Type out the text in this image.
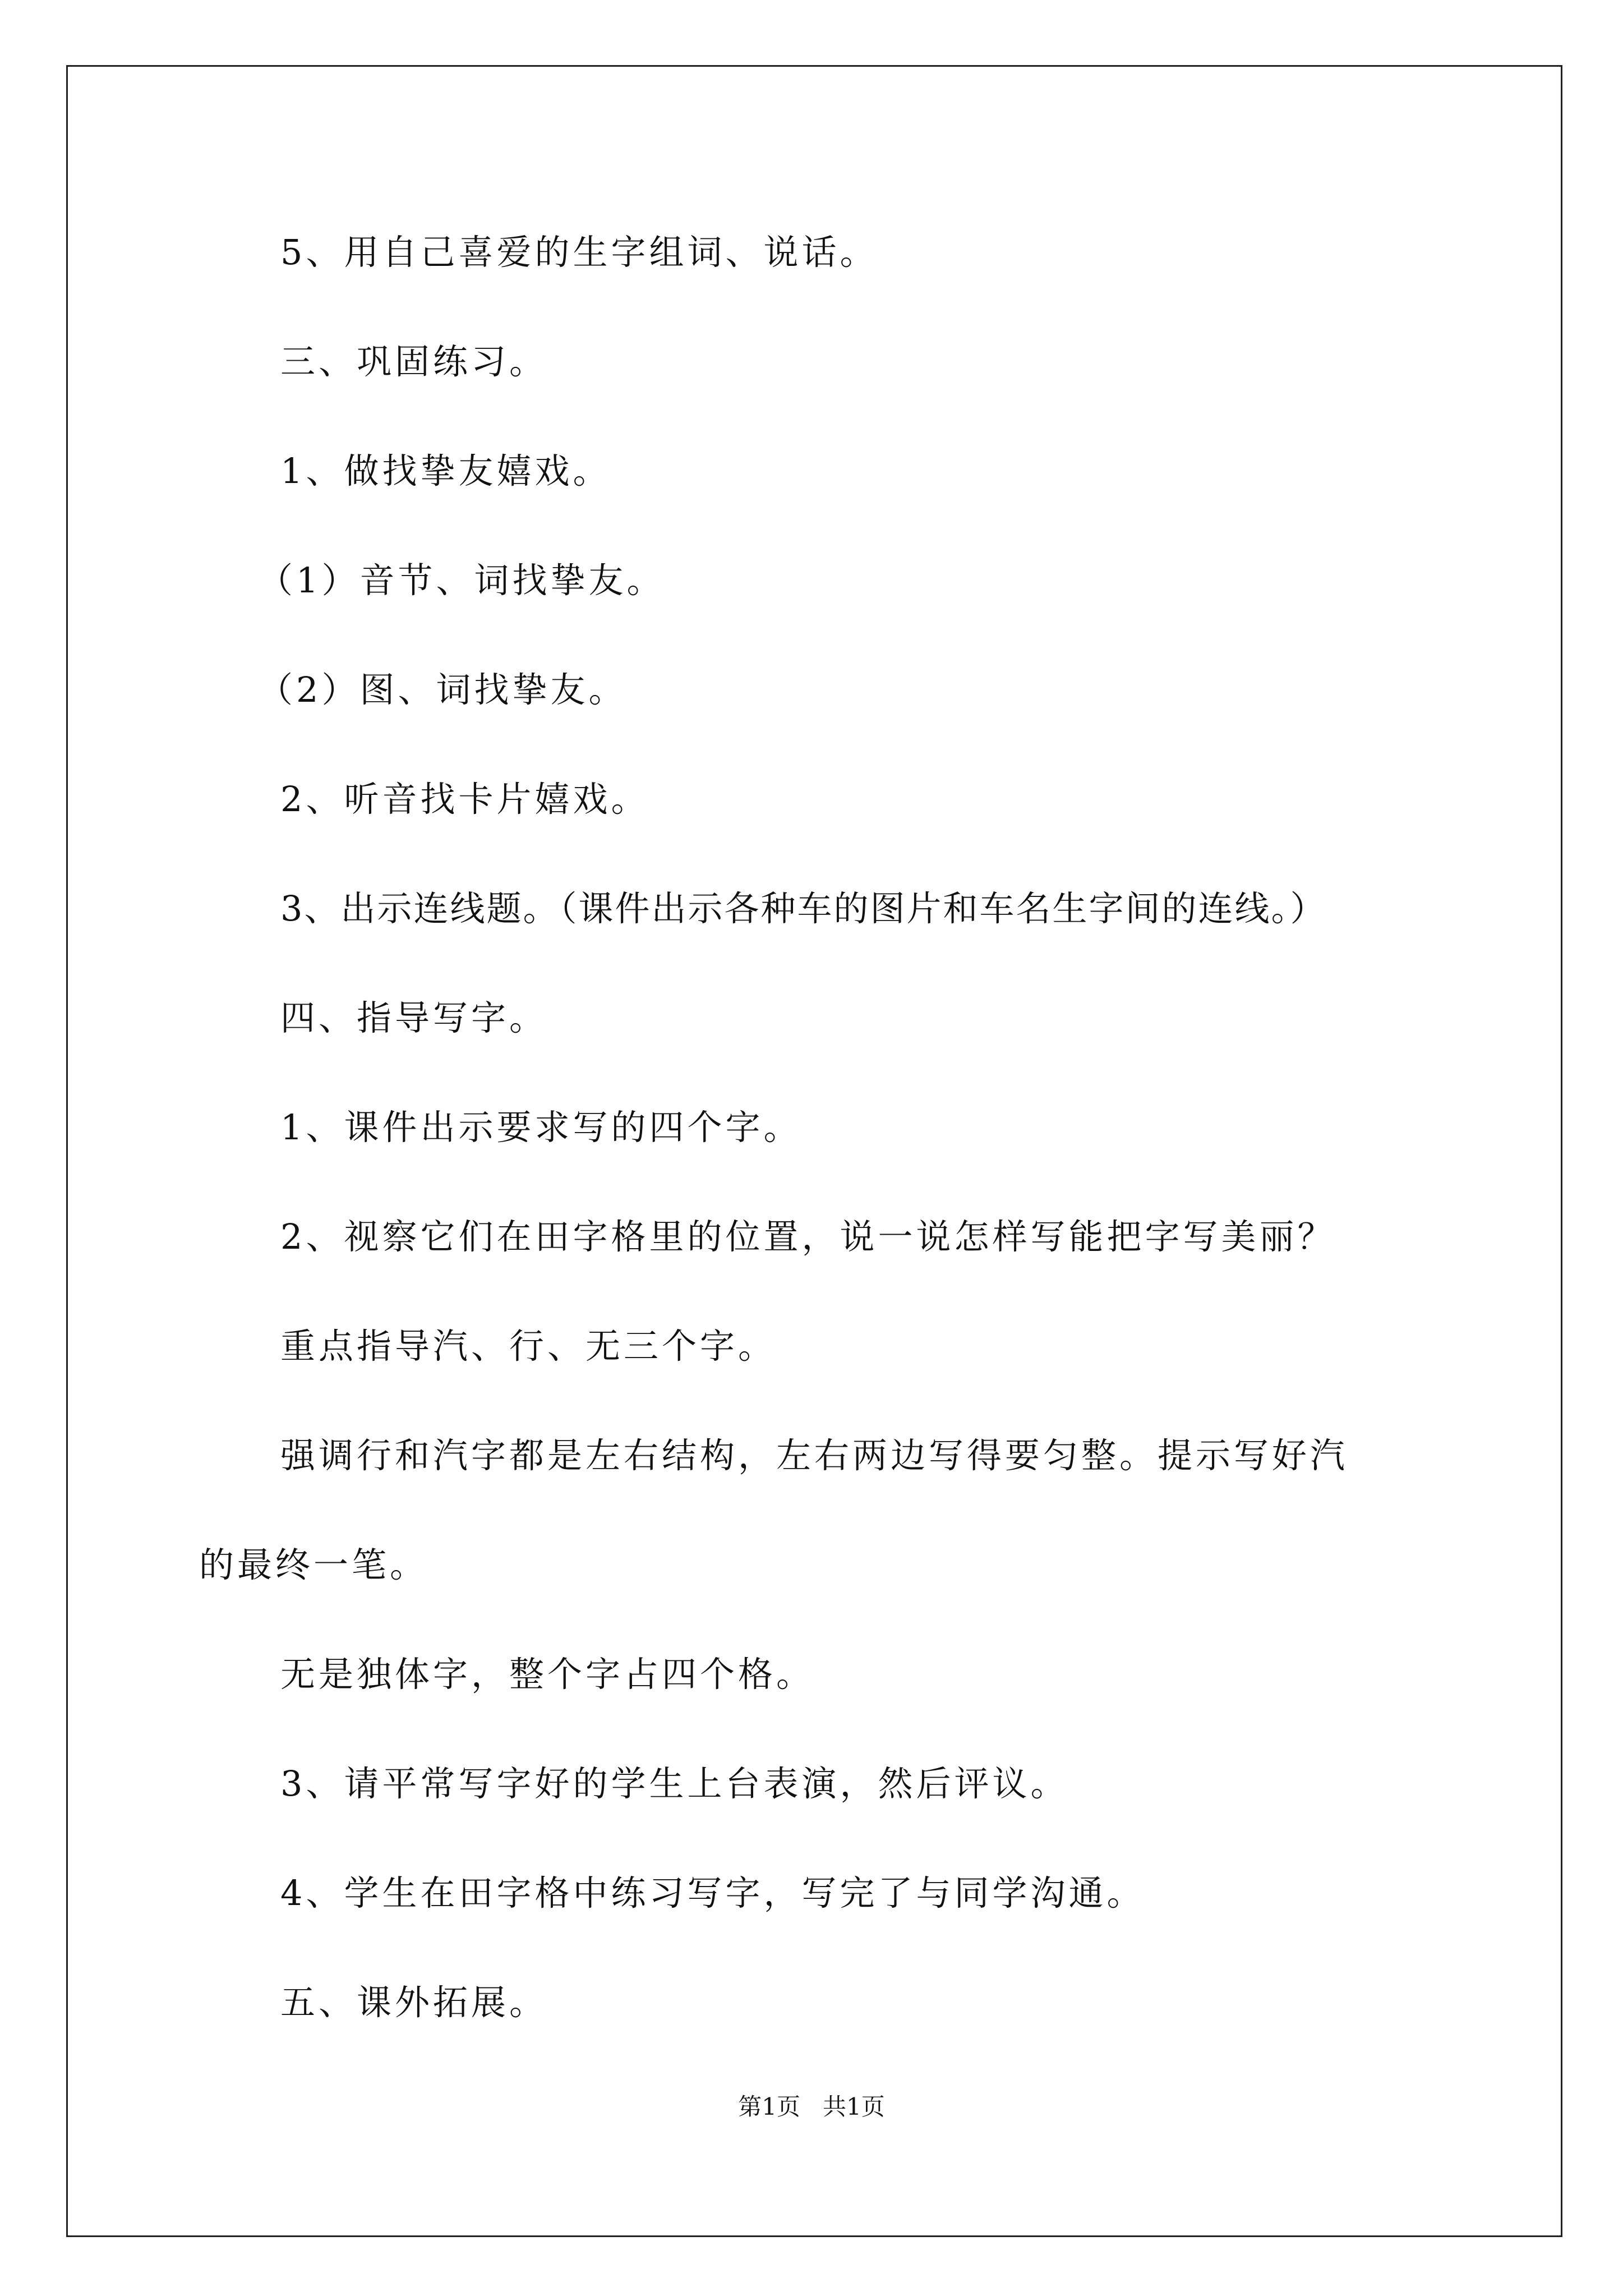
5、用自己喜爱的生字组词、说话。
三、巩固练习。
1、做找挚友嬉戏。
（1）音节、词找挚友。
（2）图、词找挚友。
2、听音找卡片嬉戏。
3、出示连线题。（课件出示各种车的图片和车名生字间的连线。）
四、指导写字。
1、课件出示要求写的四个字。
2、视察它们在田字格里的位置，说一说怎样写能把字写美丽？
重点指导汽、行、无三个字。
强调行和汽字都是左右结构，左右两边写得要匀整。提示写好汽
的最终一笔。
无是独体字，整个字占四个格。
3、请平常写字好的学生上台表演，然后评议。
4、学生在田字格中练习写字，写完了与同学沟通。
五、课外拓展。
第1页 共1页
